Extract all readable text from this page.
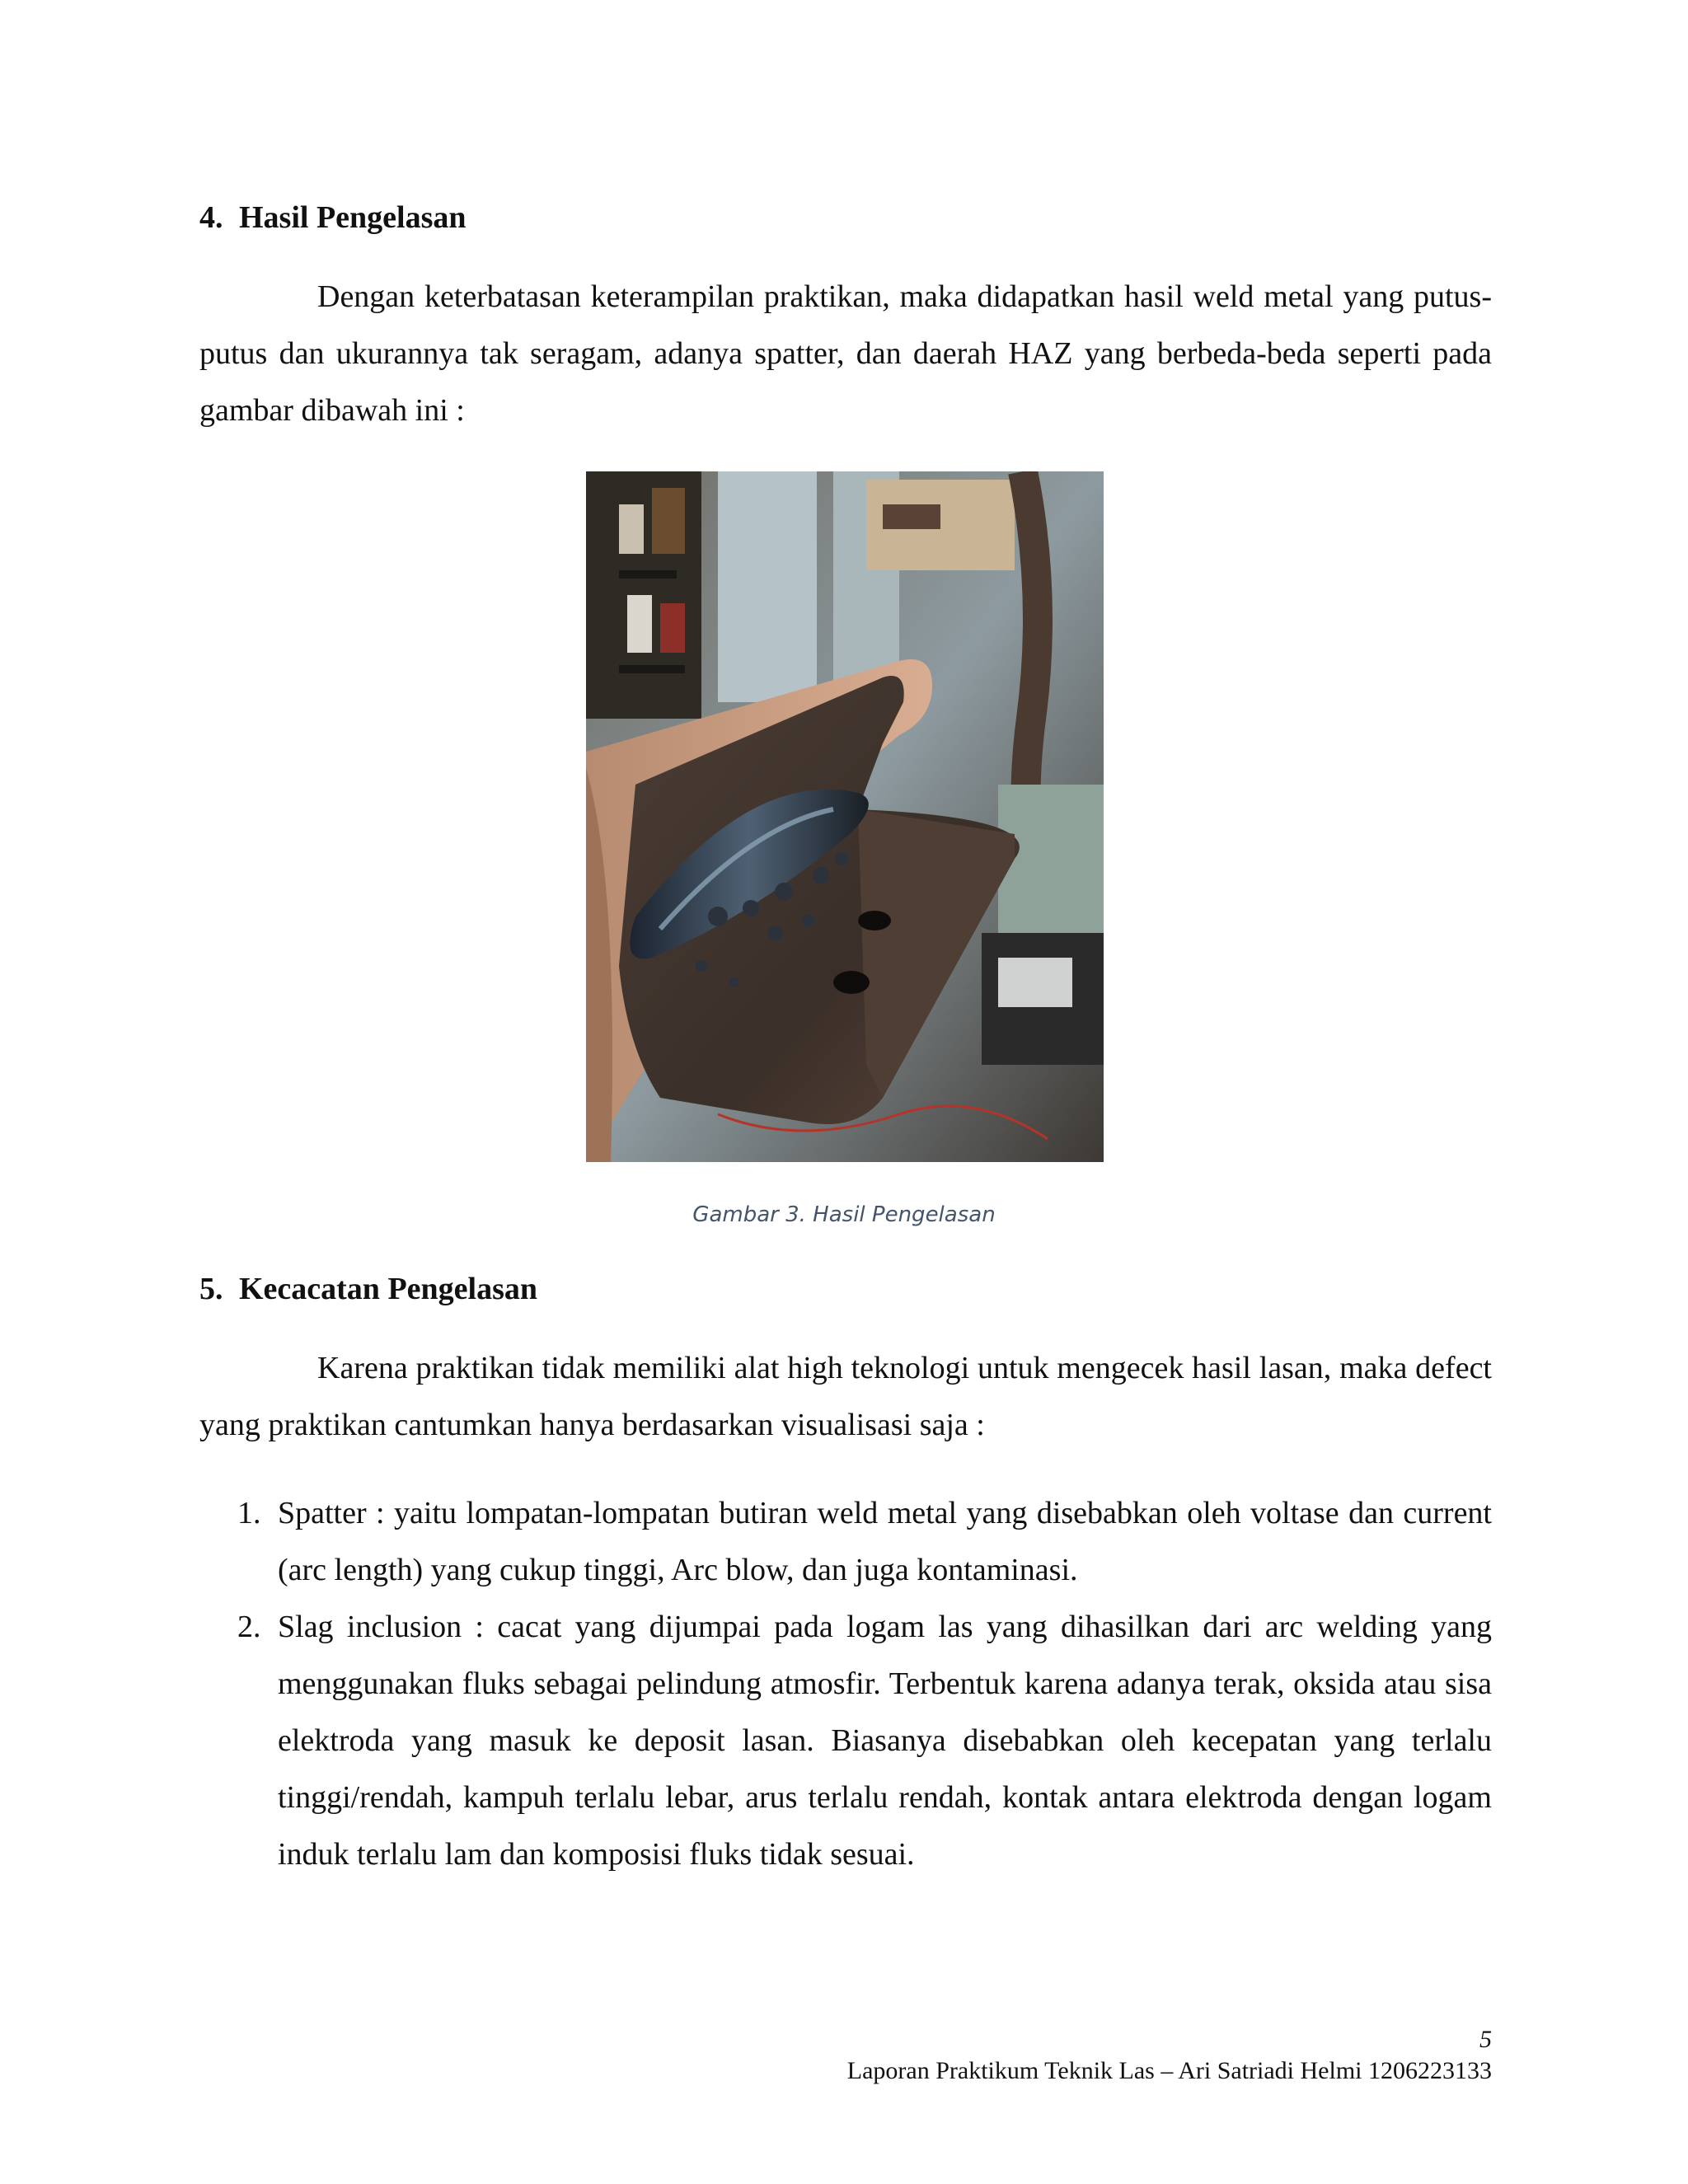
4. Hasil Pengelasan

Dengan keterbatasan keterampilan praktikan, maka didapatkan hasil weld metal yang putus-putus dan ukurannya tak seragam, adanya spatter, dan daerah HAZ yang berbeda-beda seperti pada gambar dibawah ini :

Gambar 3. Hasil Pengelasan

5. Kecacatan Pengelasan

Karena praktikan tidak memiliki alat high teknologi untuk mengecek hasil lasan, maka defect yang praktikan cantumkan hanya berdasarkan visualisasi saja :

1. Spatter : yaitu lompatan-lompatan butiran weld metal yang disebabkan oleh voltase dan current (arc length) yang cukup tinggi, Arc blow, dan juga kontaminasi.
2. Slag inclusion : cacat yang dijumpai pada logam las yang dihasilkan dari arc welding yang menggunakan fluks sebagai pelindung atmosfir. Terbentuk karena adanya terak, oksida atau sisa elektroda yang masuk ke deposit lasan. Biasanya disebabkan oleh kecepatan yang terlalu tinggi/rendah, kampuh terlalu lebar, arus terlalu rendah, kontak antara elektroda dengan logam induk terlalu lam dan komposisi fluks tidak sesuai.

5

Laporan Praktikum Teknik Las – Ari Satriadi Helmi 1206223133
